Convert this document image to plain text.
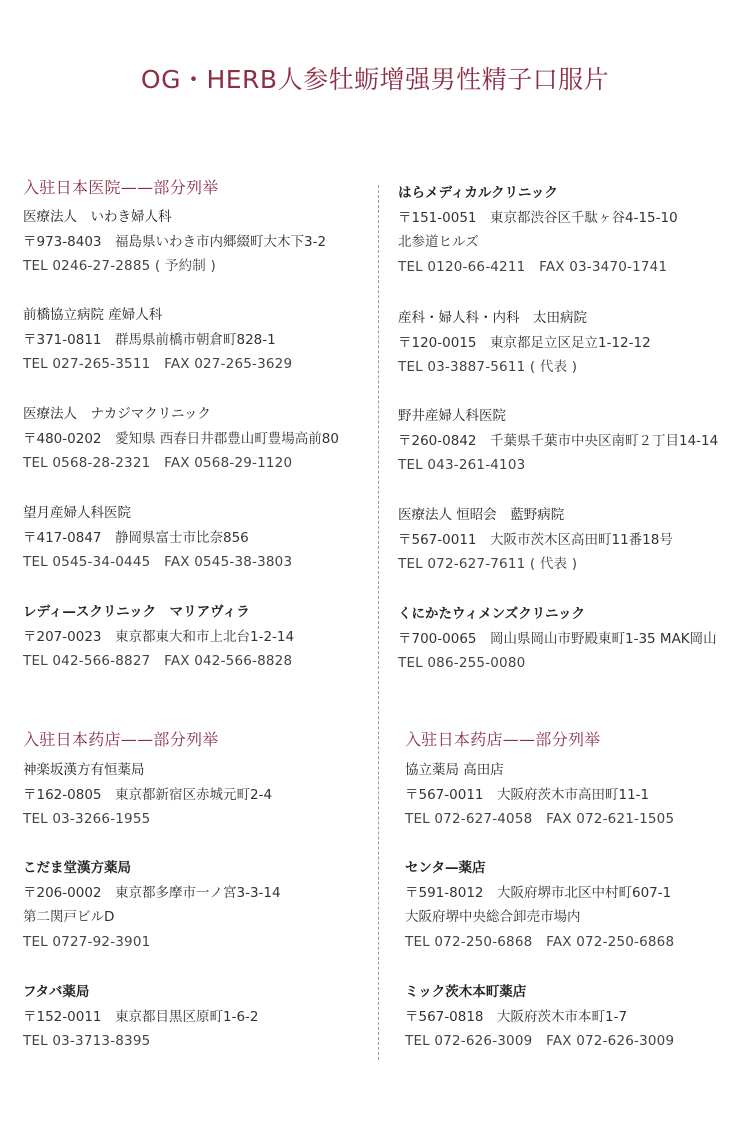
OG・HERB人参牡蛎增强男性精子口服片
入驻日本医院——部分列举
医療法人　いわき婦人科
〒973-8403　福島県いわき市内郷綴町大木下3-2
TEL 0246-27-2885 ( 予約制 )
前橋協立病院 産婦人科
〒371-0811　群馬県前橋市朝倉町828-1
TEL 027-265-3511　FAX 027-265-3629
医療法人　ナカジマクリニック
〒480-0202　愛知県 西春日井郡豊山町豊場高前80
TEL 0568-28-2321　FAX 0568-29-1120
望月産婦人科医院
〒417-0847　静岡県富士市比奈856
TEL 0545-34-0445　FAX 0545-38-3803
レディ—スクリニック　マリアヴィラ
〒207-0023　東京都東大和市上北台1-2-14
TEL 042-566-8827　FAX 042-566-8828
はらメディカルクリニック
〒151-0051　東京都渋谷区千駄ヶ谷4-15-10
北参道ヒルズ
TEL 0120-66-4211　FAX 03-3470-1741
産科・婦人科・内科　太田病院
〒120-0015　東京都足立区足立1-12-12
TEL 03-3887-5611 ( 代表 )
野井産婦人科医院
〒260-0842　千葉県千葉市中央区南町２丁目14-14
TEL 043-261-4103
医療法人 恒昭会　藍野病院
〒567-0011　大阪市茨木区高田町11番18号
TEL 072-627-7611 ( 代表 )
くにかたウィメンズクリニック
〒700-0065　岡山県岡山市野殿東町1-35 MAK岡山
TEL 086-255-0080
入驻日本药店——部分列举	入驻日本药店——部分列举
神楽坂漢方有恒薬局
〒162-0805　東京都新宿区赤城元町2-4
TEL 03-3266-1955
こだま堂漢方薬局
〒206-0002　東京都多摩市一ノ宮3-3-14
第二関戸ビルD
TEL 0727-92-3901
フタバ薬局
〒152-0011　東京都目黒区原町1-6-2
TEL 03-3713-8395
協立薬局 高田店
〒567-0011　大阪府茨木市高田町11-1
TEL 072-627-4058　FAX 072-621-1505
センタ—薬店
〒591-8012　大阪府堺市北区中村町607-1
大阪府堺中央総合卸売市場内
TEL 072-250-6868　FAX 072-250-6868
ミック茨木本町薬店
〒567-0818　大阪府茨木市本町1-7
TEL 072-626-3009　FAX 072-626-3009
